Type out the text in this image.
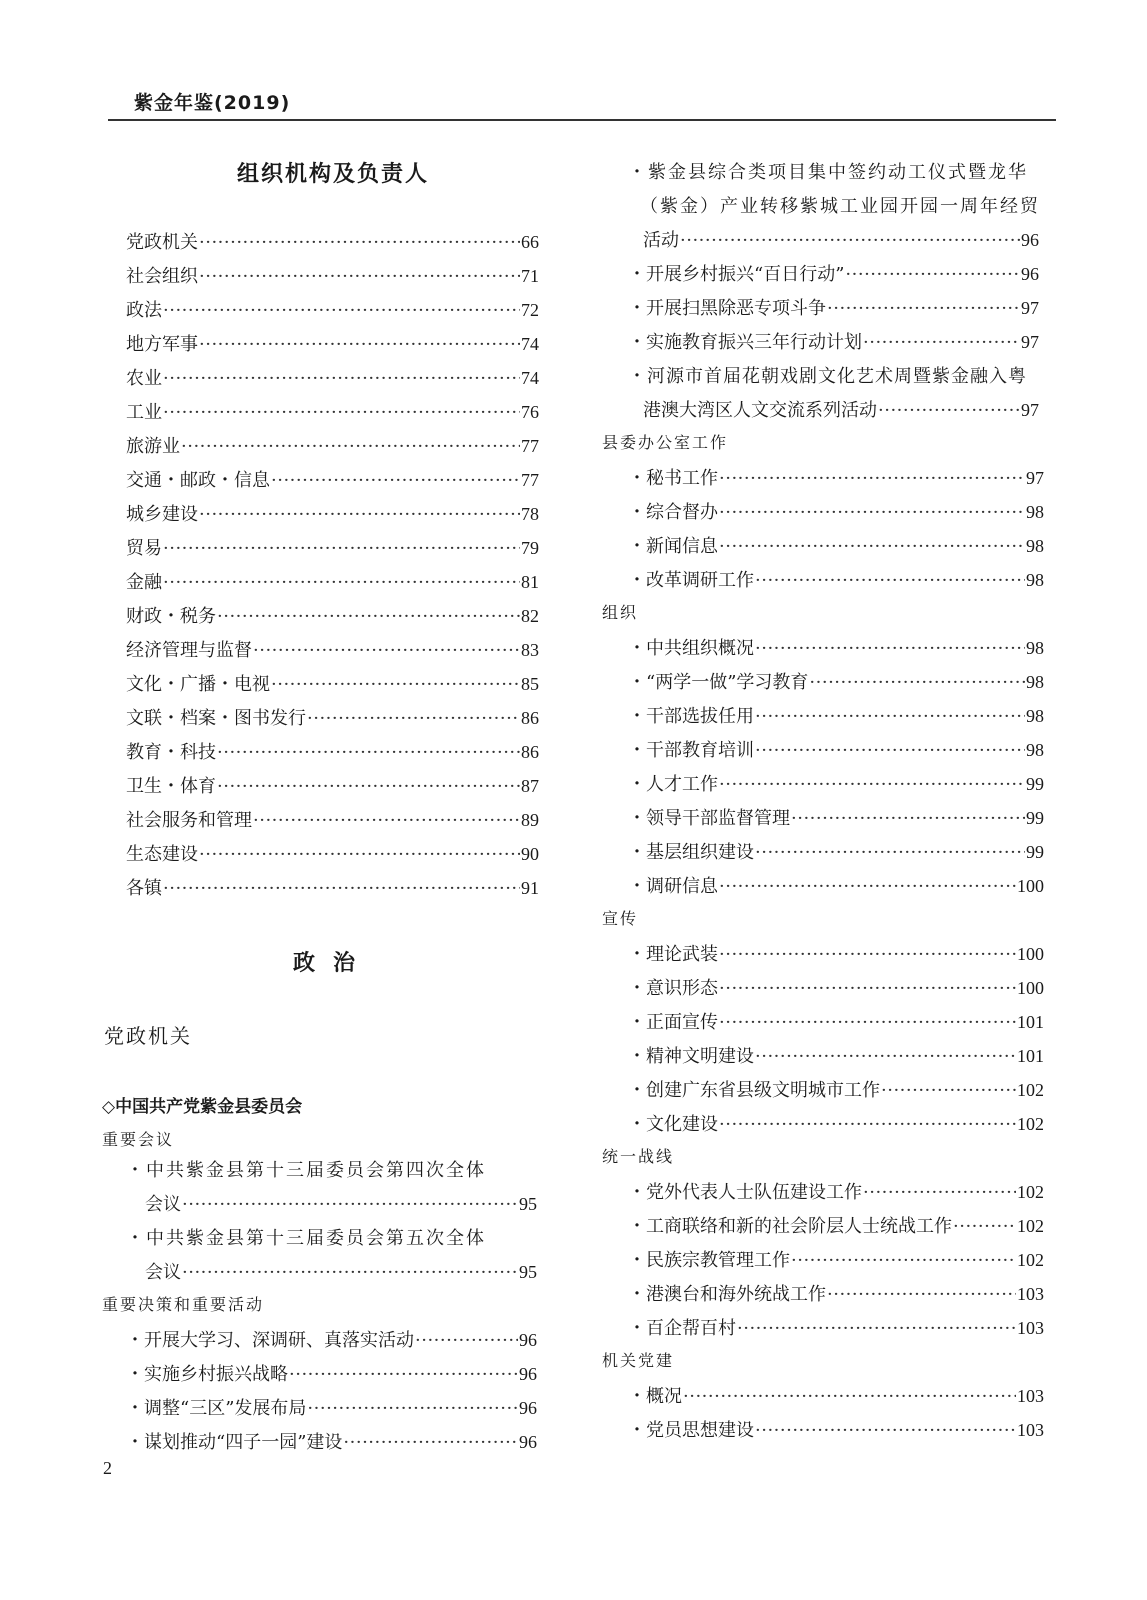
紫金年鉴(2019)
组织机构及负责人
党政机关 ·····	66
社会组织 ·····	71
政法 ·····	72
地方军事 ·····	74
农业 ·····	74
工业 ·····	76
旅游业 ·····	77
交通・邮政・信息 ·····	77
城乡建设 ·····	78
贸易 ·····	79
金融 ·····	81
财政・税务 ·····	82
经济管理与监督 ·····	83
文化・广播・电视 ·····	85
文联・档案・图书发行 ·····	86
教育・科技 ·····	86
卫生・体育 ·····	87
社会服务和管理 ·····	89
生态建设 ·····	90
各镇 ·····	91
政治
党政机关
◇中国共产党紫金县委员会
重要会议
・中共紫金县第十三届委员会第四次全体
会议 ·····	95
・中共紫金县第十三届委员会第五次全体
会议 ·····	95
重要决策和重要活动
・开展大学习、深调研、真落实活动 ·····	96
・实施乡村振兴战略 ·····	96
・调整“三区”发展布局 ·····	96
・谋划推动“四子一园”建设 ·····	96
・紫金县综合类项目集中签约动工仪式暨龙华
（紫金）产业转移紫城工业园开园一周年经贸
活动 ·····	96
・开展乡村振兴“百日行动” ·····	96
・开展扫黑除恶专项斗争 ·····	97
・实施教育振兴三年行动计划 ·····	97
・河源市首届花朝戏剧文化艺术周暨紫金融入粤
港澳大湾区人文交流系列活动 ·····	97
县委办公室工作
・秘书工作 ·····	97
・综合督办 ·····	98
・新闻信息 ·····	98
・改革调研工作 ·····	98
组织
・中共组织概况 ·····	98
・“两学一做”学习教育 ·····	98
・干部选拔任用 ·····	98
・干部教育培训 ·····	98
・人才工作 ·····	99
・领导干部监督管理 ·····	99
・基层组织建设 ·····	99
・调研信息 ·····	100
宣传
・理论武装 ·····	100
・意识形态 ·····	100
・正面宣传 ·····	101
・精神文明建设 ·····	101
・创建广东省县级文明城市工作 ·····	102
・文化建设 ·····	102
统一战线
・党外代表人士队伍建设工作 ·····	102
・工商联络和新的社会阶层人士统战工作 ·····	102
・民族宗教管理工作 ·····	102
・港澳台和海外统战工作 ·····	103
・百企帮百村 ·····	103
机关党建
・概况 ·····	103
・党员思想建设 ·····	103
2
